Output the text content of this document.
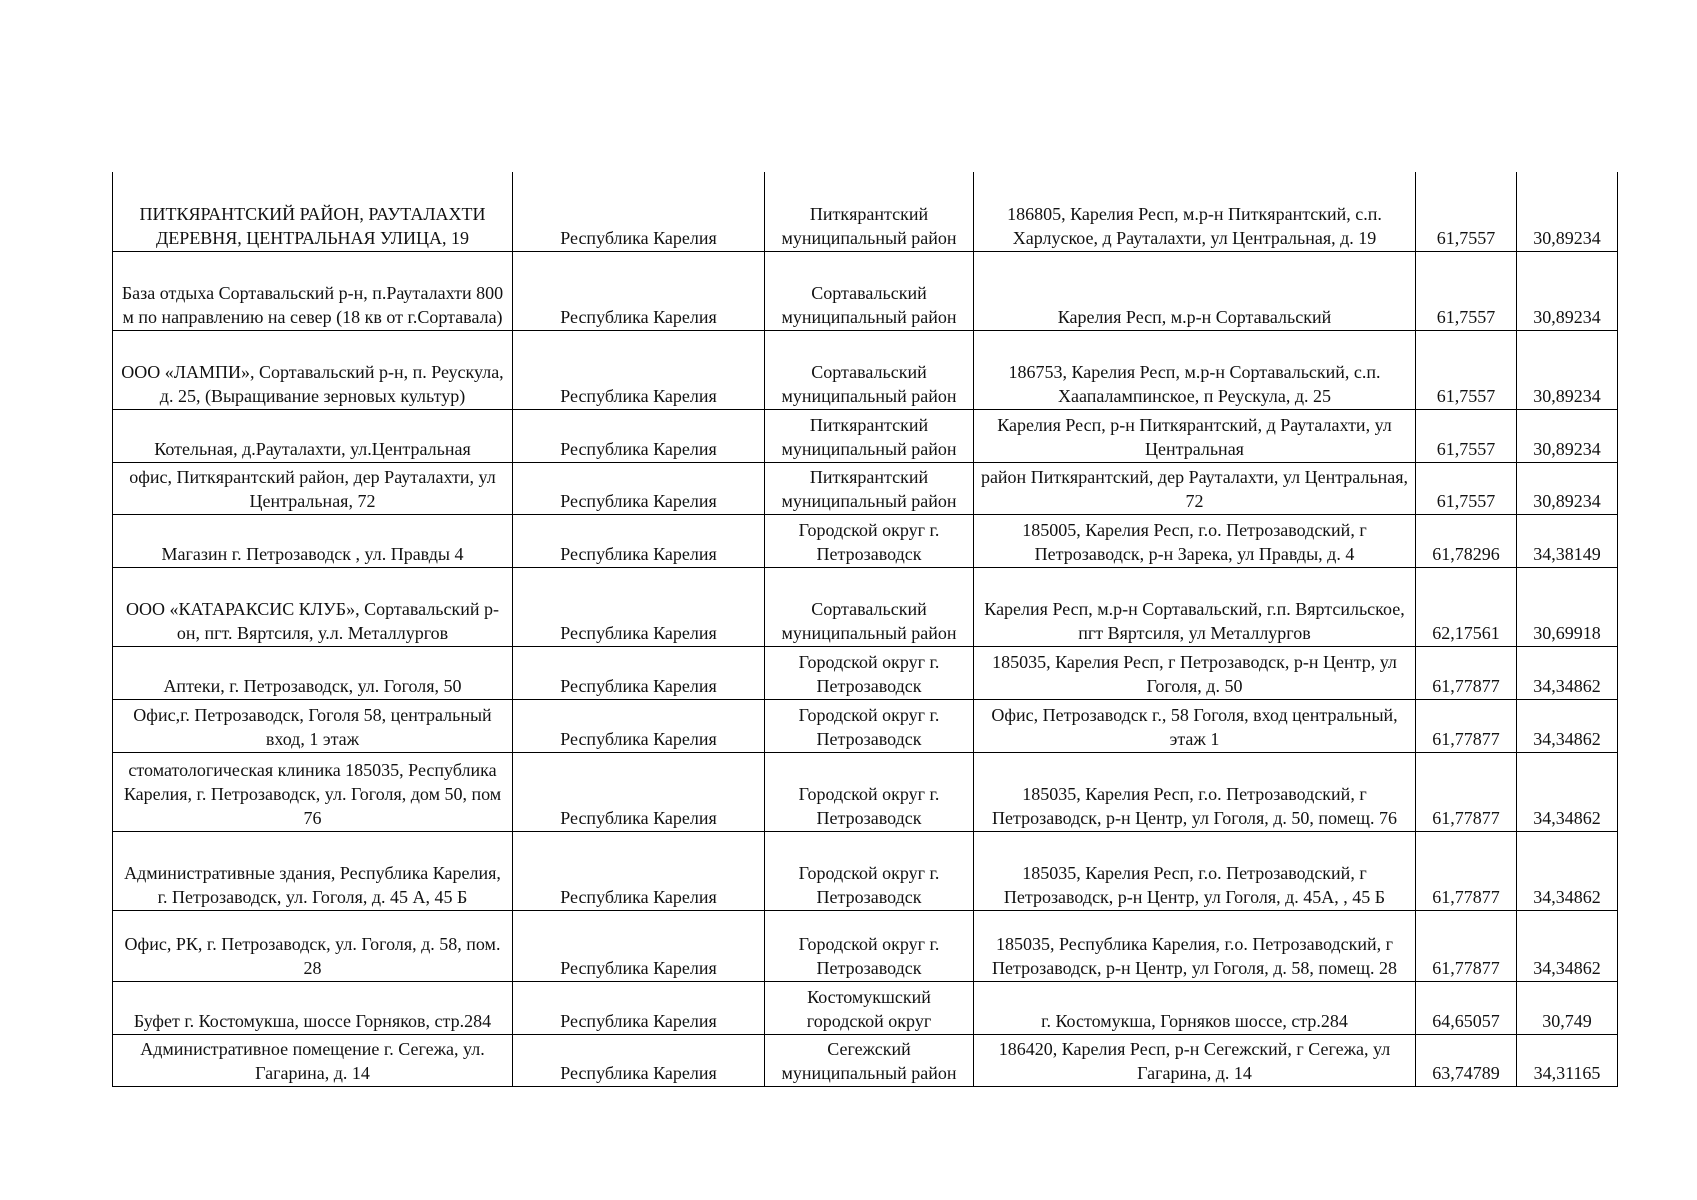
ПИТКЯРАНТСКИЙ РАЙОН, РАУТАЛАХТИ ДЕРЕВНЯ, ЦЕНТРАЛЬНАЯ УЛИЦА, 19	Республика Карелия	Питкярантский муниципальный район	186805, Карелия Респ, м.р-н Питкярантский, с.п. Харлуское, д Рауталахти, ул Центральная, д. 19	61,7557	30,89234
База отдыха Сортавальский р-н, п.Рауталахти 800 м по направлению на север (18 кв от г.Сортавала)	Республика Карелия	Сортавальский муниципальный район	Карелия Респ, м.р-н Сортавальский	61,7557	30,89234
ООО «ЛАМПИ», Сортавальский р-н, п. Реускула, д. 25, (Выращивание зерновых культур)	Республика Карелия	Сортавальский муниципальный район	186753, Карелия Респ, м.р-н Сортавальский, с.п. Хаапалампинское, п Реускула, д. 25	61,7557	30,89234
Котельная, д.Рауталахти, ул.Центральная	Республика Карелия	Питкярантский муниципальный район	Карелия Респ, р-н Питкярантский, д Рауталахти, ул Центральная	61,7557	30,89234
офис, Питкярантский район, дер Рауталахти, ул Центральная, 72	Республика Карелия	Питкярантский муниципальный район	район Питкярантский, дер Рауталахти, ул Центральная, 72	61,7557	30,89234
Магазин г. Петрозаводск , ул. Правды 4	Республика Карелия	Городской округ г. Петрозаводск	185005, Карелия Респ, г.о. Петрозаводский, г Петрозаводск, р-н Зарека, ул Правды, д. 4	61,78296	34,38149
ООО «КАТАРАКСИС КЛУБ», Сортавальский р-он, пгт. Вяртсиля, у.л. Металлургов	Республика Карелия	Сортавальский муниципальный район	Карелия Респ, м.р-н Сортавальский, г.п. Вяртсильское, пгт Вяртсиля, ул Металлургов	62,17561	30,69918
Аптеки, г. Петрозаводск, ул. Гоголя, 50	Республика Карелия	Городской округ г. Петрозаводск	185035, Карелия Респ, г Петрозаводск, р-н Центр, ул Гоголя, д. 50	61,77877	34,34862
Офис,г. Петрозаводск, Гоголя 58, центральный вход, 1 этаж	Республика Карелия	Городской округ г. Петрозаводск	Офис, Петрозаводск г., 58 Гоголя, вход центральный, этаж 1	61,77877	34,34862
стоматологическая клиника 185035, Республика Карелия, г. Петрозаводск, ул. Гоголя, дом 50, пом 76	Республика Карелия	Городской округ г. Петрозаводск	185035, Карелия Респ, г.о. Петрозаводский, г Петрозаводск, р-н Центр, ул Гоголя, д. 50, помещ. 76	61,77877	34,34862
Административные здания, Республика Карелия, г. Петрозаводск, ул. Гоголя, д. 45 А, 45 Б	Республика Карелия	Городской округ г. Петрозаводск	185035, Карелия Респ, г.о. Петрозаводский, г Петрозаводск, р-н Центр, ул Гоголя, д. 45А, , 45 Б	61,77877	34,34862
Офис, РК, г. Петрозаводск, ул. Гоголя, д. 58, пом. 28	Республика Карелия	Городской округ г. Петрозаводск	185035, Республика Карелия, г.о. Петрозаводский, г Петрозаводск, р-н Центр, ул Гоголя, д. 58, помещ. 28	61,77877	34,34862
Буфет г. Костомукша, шоссе Горняков, стр.284	Республика Карелия	Костомукшский городской округ	г. Костомукша, Горняков шоссе, стр.284	64,65057	30,749
Административное помещение г. Сегежа, ул. Гагарина, д. 14	Республика Карелия	Сегежский муниципальный район	186420, Карелия Респ, р-н Сегежский, г Сегежа, ул Гагарина, д. 14	63,74789	34,31165
